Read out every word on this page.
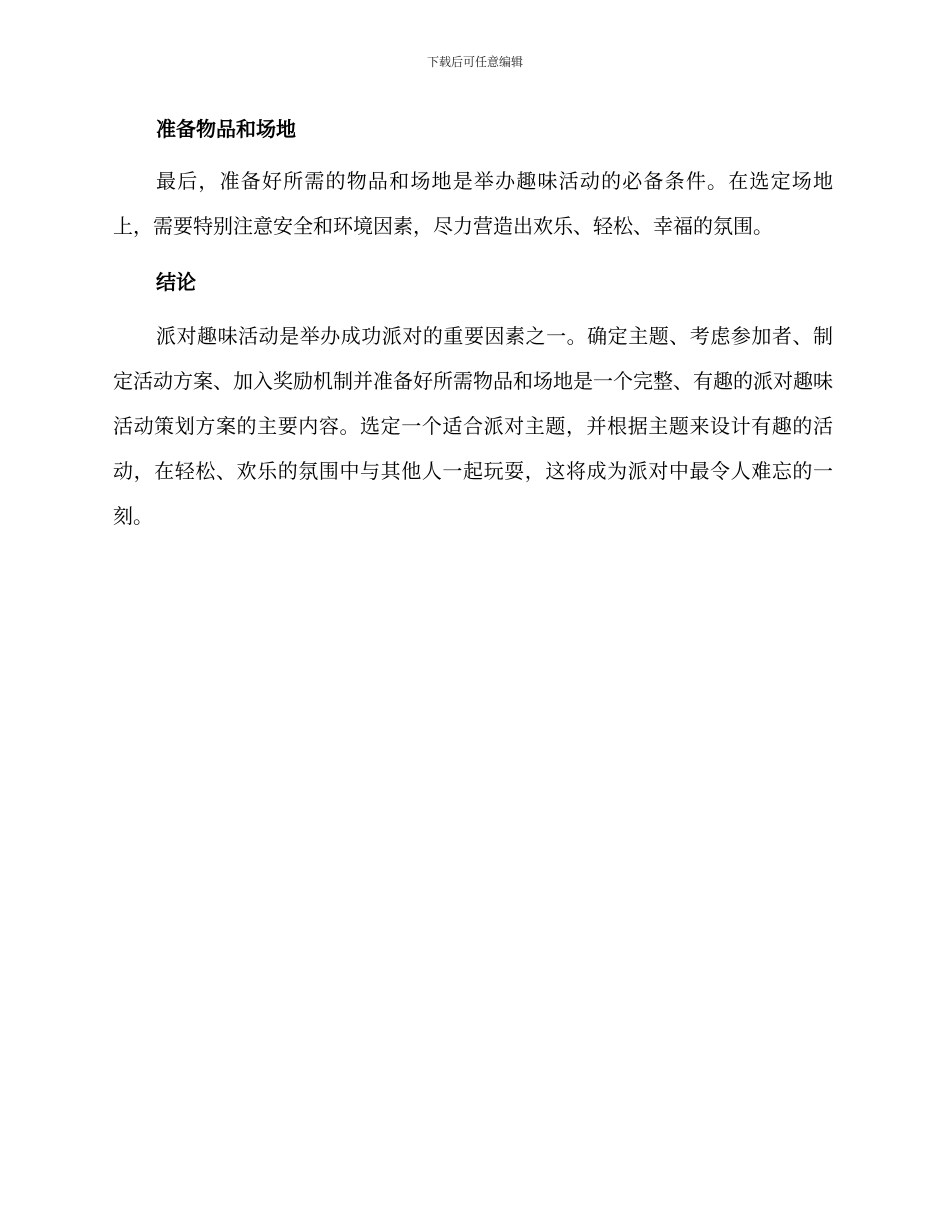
下载后可任意编辑
准备物品和场地

最后，准备好所需的物品和场地是举办趣味活动的必备条件。在选定场地上，需要特别注意安全和环境因素，尽力营造出欢乐、轻松、幸福的氛围。

结论

派对趣味活动是举办成功派对的重要因素之一。确定主题、考虑参加者、制定活动方案、加入奖励机制并准备好所需物品和场地是一个完整、有趣的派对趣味活动策划方案的主要内容。选定一个适合派对主题，并根据主题来设计有趣的活动，在轻松、欢乐的氛围中与其他人一起玩耍，这将成为派对中最令人难忘的一刻。
